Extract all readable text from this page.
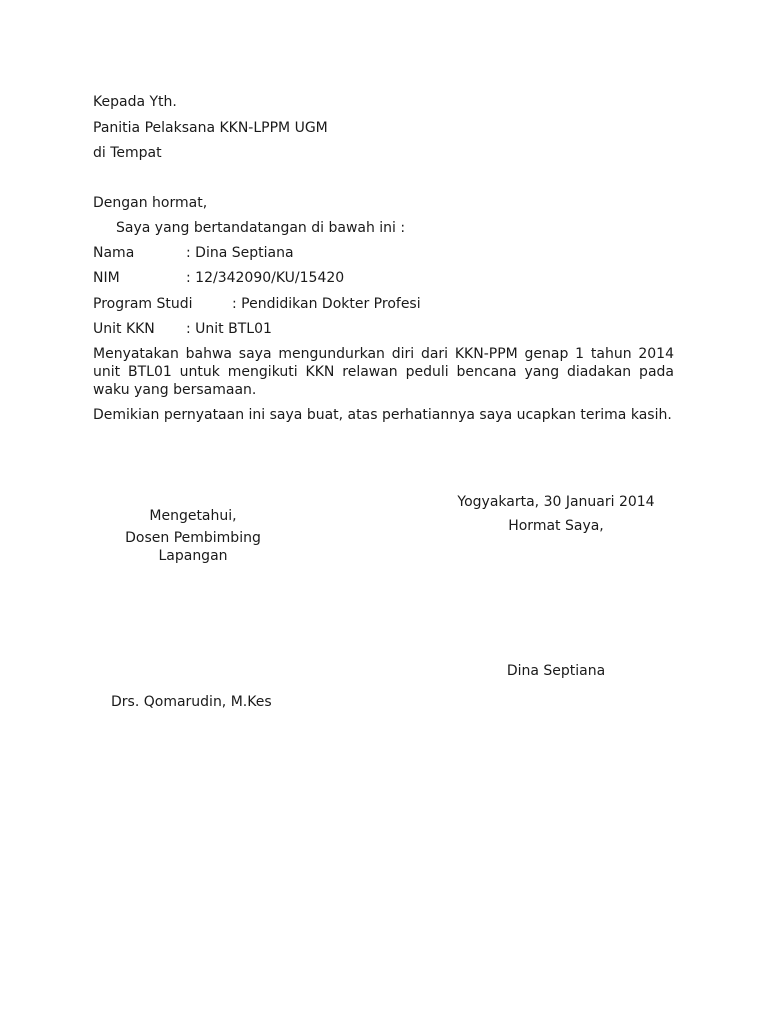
Kepada Yth.
Panitia Pelaksana KKN-LPPM UGM
di Tempat
Dengan hormat,
Saya yang bertandatangan di bawah ini :
Nama	: Dina Septiana
NIM	: 12/342090/KU/15420
Program Studi	: Pendidikan Dokter Profesi
Unit KKN : Unit BTL01
Menyatakan bahwa saya mengundurkan diri dari KKN-PPM genap 1 tahun 2014 unit BTL01 untuk mengikuti KKN relawan peduli bencana yang diadakan pada waku yang bersamaan.
Demikian pernyataan ini saya buat, atas perhatiannya saya ucapkan terima kasih.
Yogyakarta, 30 Januari 2014
Hormat Saya,
Dina Septiana
Mengetahui,
Dosen Pembimbing
Lapangan
Drs. Qomarudin, M.Kes
